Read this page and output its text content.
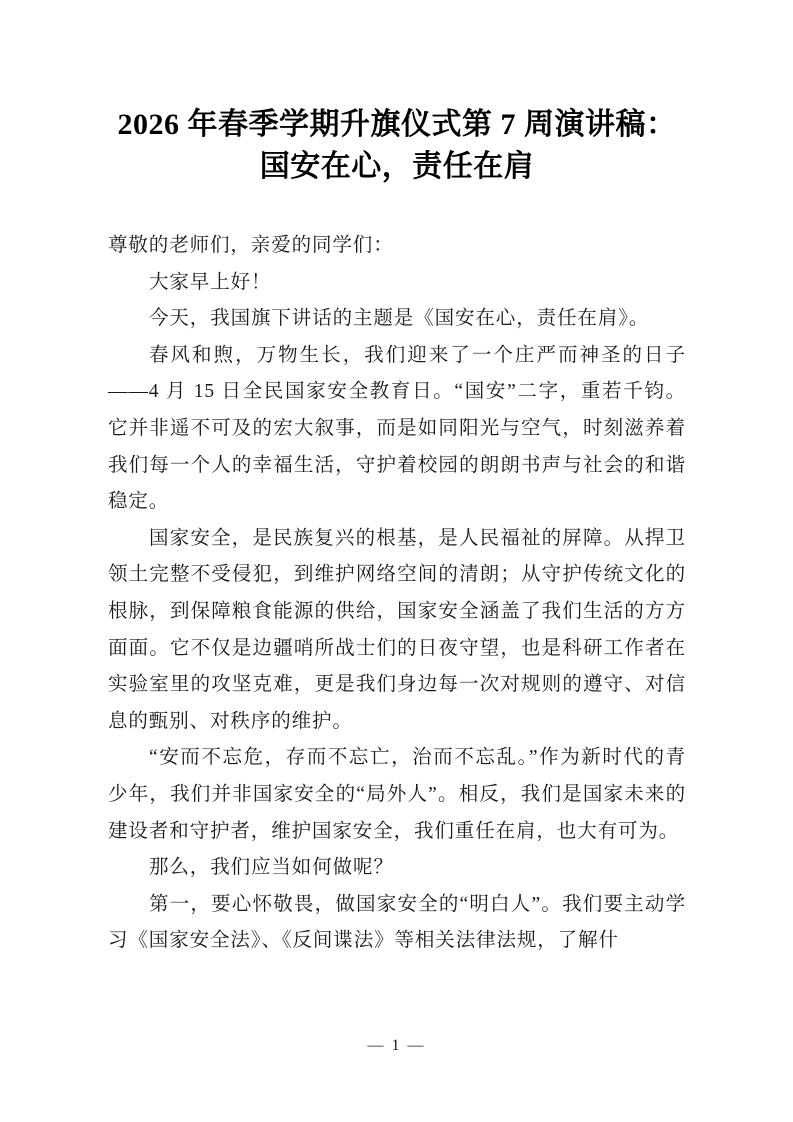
2026 年春季学期升旗仪式第 7 周演讲稿：
国安在心，责任在肩

尊敬的老师们，亲爱的同学们：

大家早上好！

今天，我国旗下讲话的主题是《国安在心，责任在肩》。

春风和煦，万物生长，我们迎来了一个庄严而神圣的日子——4 月 15 日全民国家安全教育日。“国安”二字，重若千钧。它并非遥不可及的宏大叙事，而是如同阳光与空气，时刻滋养着我们每一个人的幸福生活，守护着校园的朗朗书声与社会的和谐稳定。

国家安全，是民族复兴的根基，是人民福祉的屏障。从捍卫领土完整不受侵犯，到维护网络空间的清朗；从守护传统文化的根脉，到保障粮食能源的供给，国家安全涵盖了我们生活的方方面面。它不仅是边疆哨所战士们的日夜守望，也是科研工作者在实验室里的攻坚克难，更是我们身边每一次对规则的遵守、对信息的甄别、对秩序的维护。

“安而不忘危，存而不忘亡，治而不忘乱。”作为新时代的青少年，我们并非国家安全的“局外人”。相反，我们是国家未来的建设者和守护者，维护国家安全，我们重任在肩，也大有可为。

那么，我们应当如何做呢？

第一，要心怀敬畏，做国家安全的“明白人”。我们要主动学习《国家安全法》、《反间谍法》等相关法律法规，了解什

— 1 —
